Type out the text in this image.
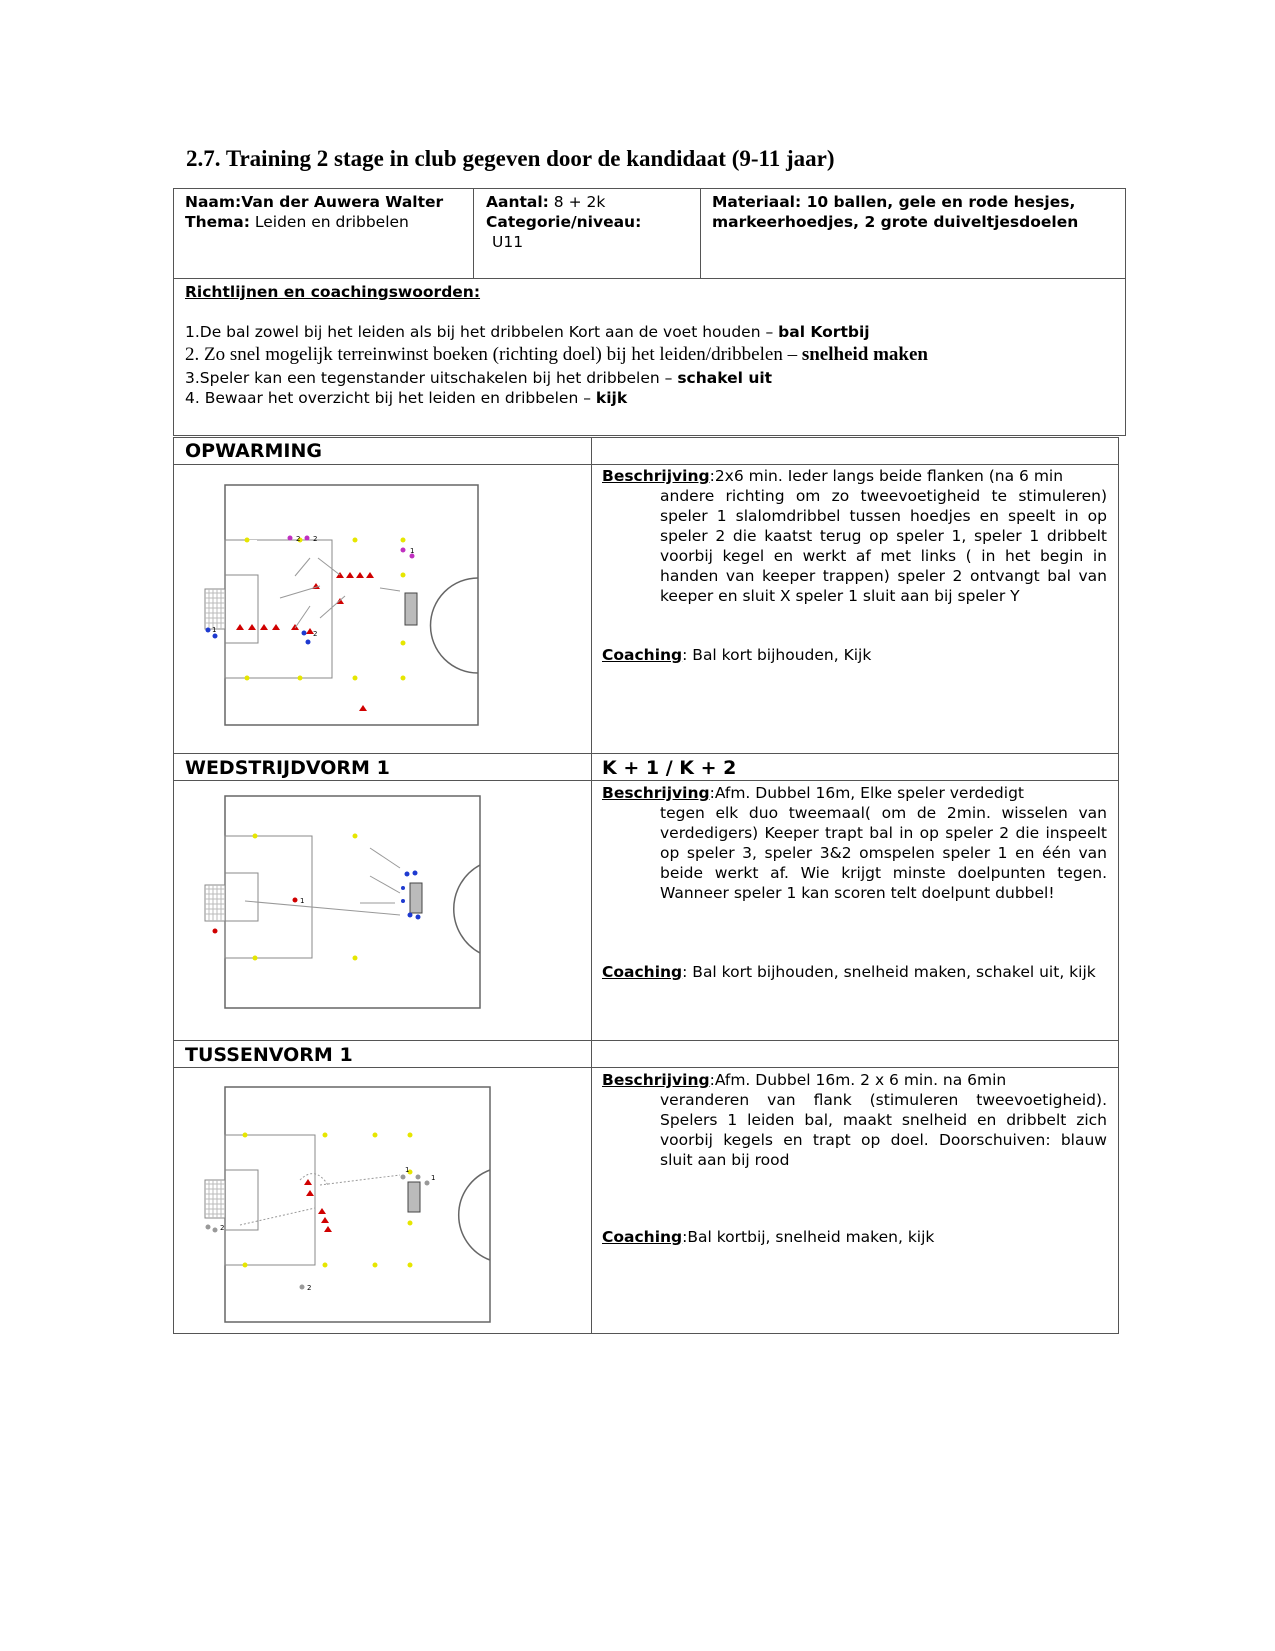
2.7. Training 2 stage in club gegeven door de kandidaat (9-11 jaar)
Naam:Van der Auwera Walter
Thema: Leiden en dribbelen
Aantal: 8 + 2k
Categorie/niveau:
U11
Materiaal: 10 ballen, gele en rode hesjes, markeerhoedjes, 2 grote duiveltjesdoelen
Richtlijnen en coachingswoorden:
1.De bal zowel bij het leiden als bij het dribbelen Kort aan de voet houden – bal Kortbij
2. Zo snel mogelijk terreinwinst boeken (richting doel) bij het leiden/dribbelen – snelheid maken
3.Speler kan een tegenstander uitschakelen bij het dribbelen – schakel uit
4. Bewaar het overzicht bij het leiden en dribbelen – kijk
OPWARMING
Beschrijving:2x6 min. Ieder langs beide flanken (na 6 min
andere richting om zo tweevoetigheid te stimuleren) speler 1 slalomdribbel tussen hoedjes en speelt in op speler 2 die kaatst terug op speler 1, speler 1 dribbelt voorbij kegel en werkt af met links ( in het begin in handen van keeper trappen) speler 2 ontvangt bal van keeper en sluit X speler 1 sluit aan bij speler Y
Coaching: Bal kort bijhouden, Kijk
2 2
1
1	2
WEDSTRIJDVORM 1	K + 1 / K + 2
Beschrijving:Afm. Dubbel 16m, Elke speler verdedigt
tegen elk duo tweemaal( om de 2min. wisselen van verdedigers) Keeper trapt bal in op speler 2 die inspeelt op speler 3, speler 3&2 omspelen speler 1 en één van beide werkt af. Wie krijgt minste doelpunten tegen. Wanneer speler 1 kan scoren telt doelpunt dubbel!
Coaching: Bal kort bijhouden, snelheid maken, schakel uit, kijk
1
TUSSENVORM 1
Beschrijving:Afm. Dubbel 16m. 2 x 6 min. na 6min
veranderen van flank (stimuleren tweevoetigheid). Spelers 1 leiden bal, maakt snelheid en dribbelt zich voorbij kegels en trapt op doel. Doorschuiven: blauw sluit aan bij rood
Coaching:Bal kortbij, snelheid maken, kijk
1
1
2
2
